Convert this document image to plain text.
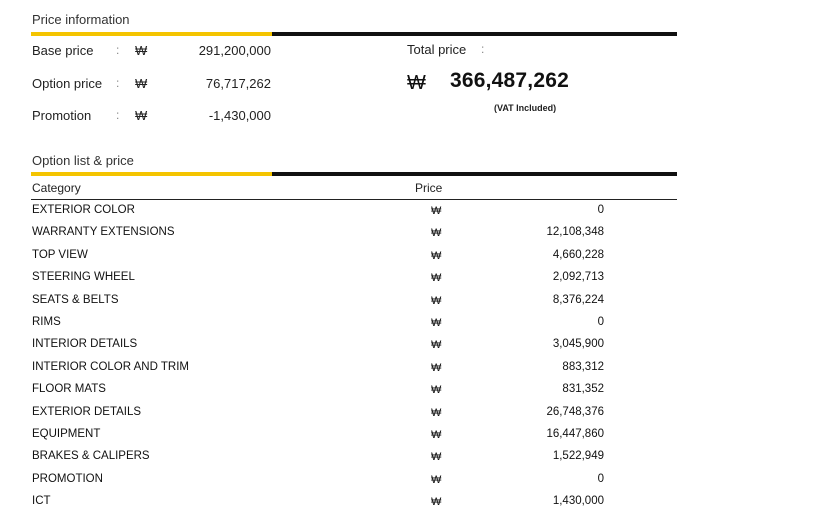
Price information
Base price : ₩	291,200,000
Option price : ₩	76,717,262
Promotion : ₩	-1,430,000
Total price :
₩ 366,487,262
(VAT Included)
Option list & price
Category	Price
EXTERIOR COLOR	₩	0
WARRANTY EXTENSIONS	₩	12,108,348
TOP VIEW	₩	4,660,228
STEERING WHEEL	₩	2,092,713
SEATS & BELTS	₩	8,376,224
RIMS	₩	0
INTERIOR DETAILS	₩	3,045,900
INTERIOR COLOR AND TRIM	₩	883,312
FLOOR MATS	₩	831,352
EXTERIOR DETAILS	₩	26,748,376
EQUIPMENT	₩	16,447,860
BRAKES & CALIPERS	₩	1,522,949
PROMOTION	₩	0
ICT	₩	1,430,000
